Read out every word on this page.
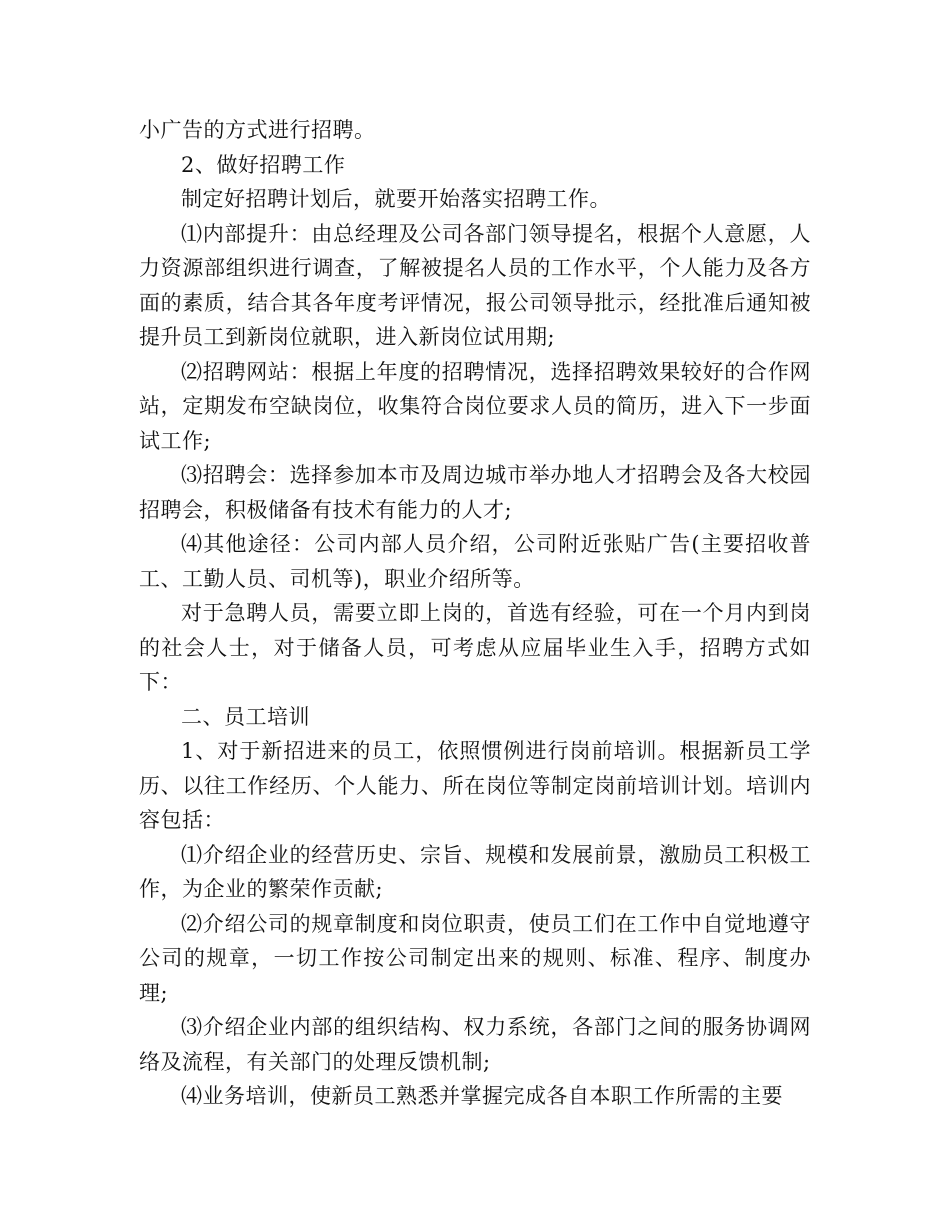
小广告的方式进行招聘。

2、做好招聘工作

制定好招聘计划后，就要开始落实招聘工作。

⑴内部提升：由总经理及公司各部门领导提名，根据个人意愿，人力资源部组织进行调查，了解被提名人员的工作水平，个人能力及各方面的素质，结合其各年度考评情况，报公司领导批示，经批准后通知被提升员工到新岗位就职，进入新岗位试用期;

⑵招聘网站：根据上年度的招聘情况，选择招聘效果较好的合作网站，定期发布空缺岗位，收集符合岗位要求人员的简历，进入下一步面试工作;

⑶招聘会：选择参加本市及周边城市举办地人才招聘会及各大校园招聘会，积极储备有技术有能力的人才;

⑷其他途径：公司内部人员介绍，公司附近张贴广告(主要招收普工、工勤人员、司机等)，职业介绍所等。

对于急聘人员，需要立即上岗的，首选有经验，可在一个月内到岗的社会人士，对于储备人员，可考虑从应届毕业生入手，招聘方式如下：

二、员工培训

1、对于新招进来的员工，依照惯例进行岗前培训。根据新员工学历、以往工作经历、个人能力、所在岗位等制定岗前培训计划。培训内容包括：

⑴介绍企业的经营历史、宗旨、规模和发展前景，激励员工积极工作，为企业的繁荣作贡献;

⑵介绍公司的规章制度和岗位职责，使员工们在工作中自觉地遵守公司的规章，一切工作按公司制定出来的规则、标准、程序、制度办理;

⑶介绍企业内部的组织结构、权力系统，各部门之间的服务协调网络及流程，有关部门的处理反馈机制;

⑷业务培训，使新员工熟悉并掌握完成各自本职工作所需的主要
